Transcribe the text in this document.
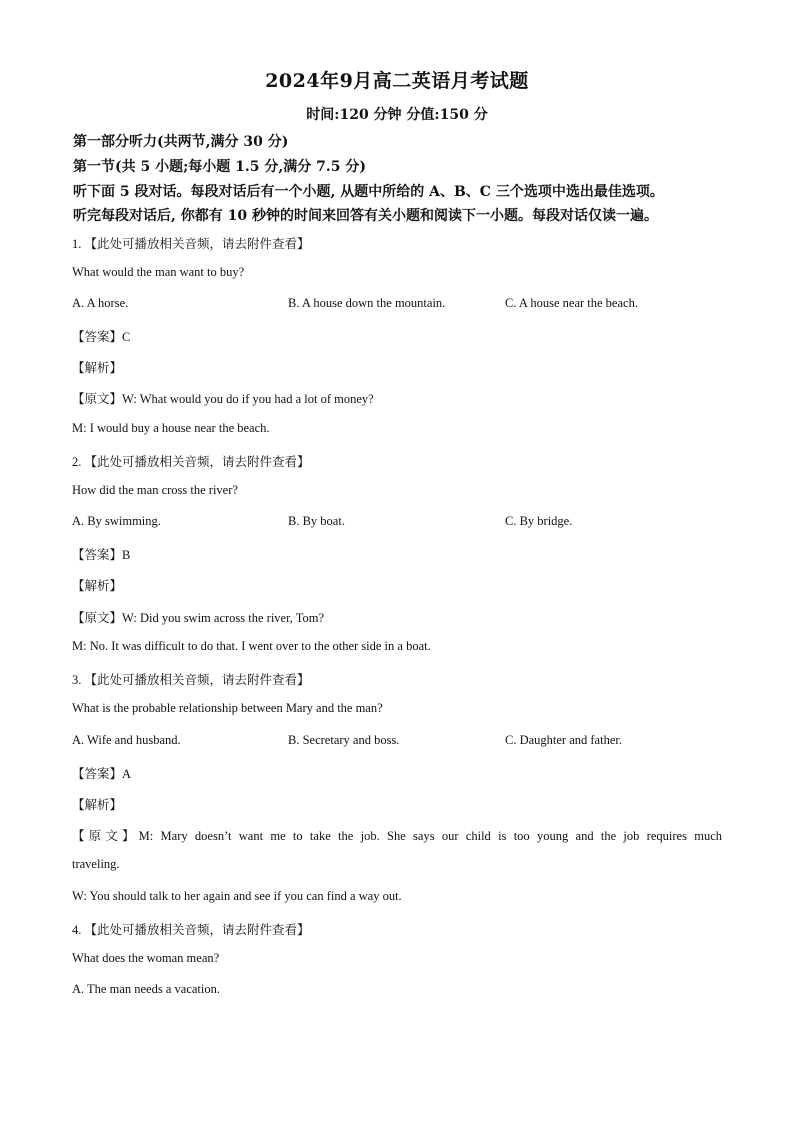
2024年9月高二英语月考试题
时间:120 分钟 分值:150 分
第一部分听力(共两节,满分 30 分)
第一节(共 5 小题;每小题 1.5 分,满分 7.5 分)
听下面 5 段对话。每段对话后有一个小题, 从题中所给的 A、B、C 三个选项中选出最佳选项。
听完每段对话后, 你都有 10 秒钟的时间来回答有关小题和阅读下一小题。每段对话仅读一遍。
1. 【此处可播放相关音频，请去附件查看】
What would the man want to buy?
A. A horse.	B. A house down the mountain.	C. A house near the beach.
【答案】C
【解析】
【原文】W: What would you do if you had a lot of money?
M: I would buy a house near the beach.
2. 【此处可播放相关音频，请去附件查看】
How did the man cross the river?
A. By swimming.	B. By boat.	C. By bridge.
【答案】B
【解析】
【原文】W: Did you swim across the river, Tom?
M: No. It was difficult to do that. I went over to the other side in a boat.
3. 【此处可播放相关音频，请去附件查看】
What is the probable relationship between Mary and the man?
A. Wife and husband.	B. Secretary and boss.	C. Daughter and father.
【答案】A
【解析】
【原文】M: Mary doesn’t want me to take the job. She says our child is too young and the job requires much
traveling.
W: You should talk to her again and see if you can find a way out.
4. 【此处可播放相关音频，请去附件查看】
What does the woman mean?
A. The man needs a vacation.
